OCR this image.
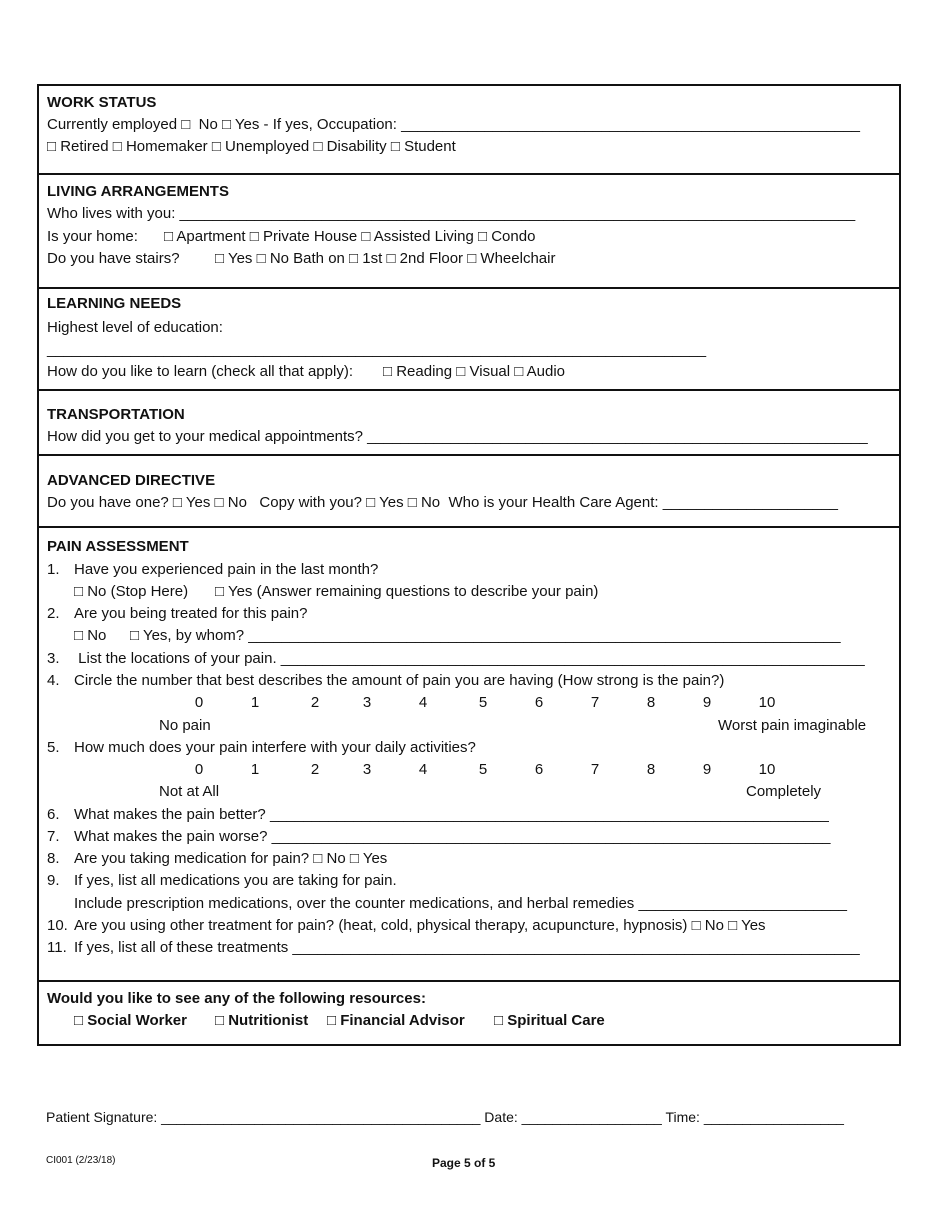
WORK STATUS
Currently employed □  No □ Yes - If yes, Occupation: _______________________________________________________
□ Retired □ Homemaker □ Unemployed □ Disability □ Student
LIVING ARRANGEMENTS
Who lives with you: _________________________________________________________________________________
Is your home: □ Apartment □ Private House □ Assisted Living □ Condo
Do you have stairs? □ Yes □ No Bath on □ 1st □ 2nd Floor □ Wheelchair
LEARNING NEEDS
Highest level of education:
_______________________________________________________________________________
How do you like to learn (check all that apply): □ Reading □ Visual □ Audio
TRANSPORTATION
How did you get to your medical appointments? ____________________________________________________________
ADVANCED DIRECTIVE
Do you have one? □ Yes □ No   Copy with you? □ Yes □ No  Who is your Health Care Agent: _____________________
PAIN ASSESSMENT
1. Have you experienced pain in the last month?
□ No (Stop Here) □ Yes (Answer remaining questions to describe your pain)
2. Are you being treated for this pain?
□ No □ Yes, by whom? _______________________________________________________________________
3. List the locations of your pain. ______________________________________________________________________
4. Circle the number that best describes the amount of pain you are having (How strong is the pain?)
0	1	2	3	4	5	6	7	8	9	10
No pain	Worst pain imaginable
5. How much does your pain interfere with your daily activities?
0	1	2	3	4	5	6	7	8	9	10
Not at All	Completely
6. What makes the pain better? ___________________________________________________________________
7. What makes the pain worse? ___________________________________________________________________
8. Are you taking medication for pain? □ No □ Yes
9. If yes, list all medications you are taking for pain.
Include prescription medications, over the counter medications, and herbal remedies _________________________
10. Are you using other treatment for pain? (heat, cold, physical therapy, acupuncture, hypnosis) □ No □ Yes
11. If yes, list all of these treatments ____________________________________________________________________
Would you like to see any of the following resources:
□ Social Worker □ Nutritionist □ Financial Advisor □ Spiritual Care
Patient Signature: _________________________________________ Date: __________________ Time: __________________
CI001 (2/23/18)	Page 5 of 5
